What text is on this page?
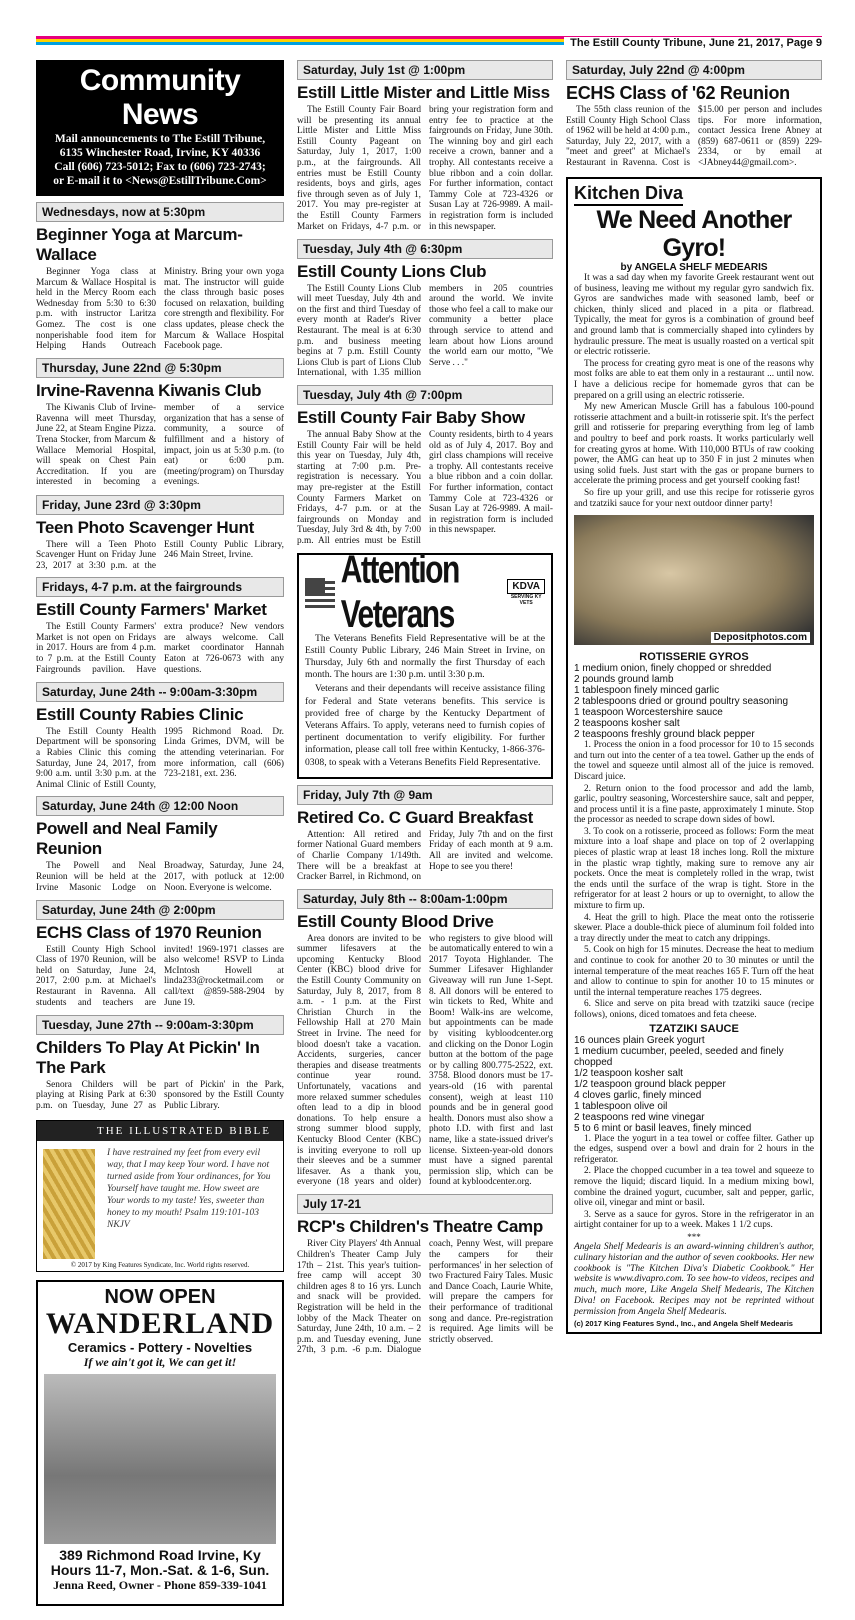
The Estill County Tribune, June 21, 2017, Page 9
Community News
Mail announcements to The Estill Tribune,
6135 Winchester Road, Irvine, KY 40336
Call (606) 723-5012; Fax to (606) 723-2743;
or E-mail it to <News@EstillTribune.Com>
Wednesdays, now at 5:30pm
Beginner Yoga at Marcum-Wallace

Beginner Yoga class at Marcum & Wallace Hospital is held in the Mercy Room each Wednesday from 5:30 to 6:30 p.m. with instructor Laritza Gomez. The cost is one nonperishable food item for Helping Hands Outreach Ministry. Bring your own yoga mat. The instructor will guide the class through basic poses focused on relaxation, building core strength and flexibility. For class updates, please check the Marcum & Wallace Hospital Facebook page.

Thursday, June 22nd @ 5:30pm
Irvine-Ravenna Kiwanis Club

The Kiwanis Club of Irvine-Ravenna will meet Thursday, June 22, at Steam Engine Pizza. Trena Stocker, from Marcum & Wallace Memorial Hospital, will speak on Chest Pain Accreditation. If you are interested in becoming a member of a service organization that has a sense of community, a source of fulfillment and a history of impact, join us at 5:30 p.m. (to eat) or 6:00 p.m. (meeting/program) on Thursday evenings.

Friday, June 23rd @ 3:30pm
Teen Photo Scavenger Hunt

There will a Teen Photo Scavenger Hunt on Friday June 23, 2017 at 3:30 p.m. at the Estill County Public Library, 246 Main Street, Irvine.

Fridays, 4-7 p.m. at the fairgrounds
Estill County Farmers' Market

The Estill County Farmers' Market is not open on Fridays in 2017. Hours are from 4 p.m. to 7 p.m. at the Estill County Fairgrounds pavilion. Have extra produce? New vendors are always welcome. Call market coordinator Hannah Eaton at 726-0673 with any questions.

Saturday, June 24th -- 9:00am-3:30pm
Estill County Rabies Clinic

The Estill County Health Department will be sponsoring a Rabies Clinic this coming Saturday, June 24, 2017, from 9:00 a.m. until 3:30 p.m. at the Animal Clinic of Estill County, 1995 Richmond Road. Dr. Linda Grimes, DVM, will be the attending veterinarian. For more information, call (606) 723-2181, ext. 236.

Saturday, June 24th @ 12:00 Noon
Powell and Neal Family Reunion

The Powell and Neal Reunion will be held at the Irvine Masonic Lodge on Broadway, Saturday, June 24, 2017, with potluck at 12:00 Noon. Everyone is welcome.

Saturday, June 24th @ 2:00pm
ECHS Class of 1970 Reunion

Estill County High School Class of 1970 Reunion, will be held on Saturday, June 24, 2017, 2:00 p.m. at Michael's Restaurant in Ravenna. All students and teachers are invited! 1969-1971 classes are also welcome! RSVP to Linda McIntosh Howell at linda233@rocketmail.com or call/text @859-588-2904 by June 19.

Tuesday, June 27th -- 9:00am-3:30pm
Childers To Play At Pickin' In The Park

Senora Childers will be playing at Rising Park at 6:30 p.m. on Tuesday, June 27 as part of Pickin' in the Park, sponsored by the Estill County Public Library.

THE ILLUSTRATED BIBLE
I have restrained my feet from every evil way, that I may keep Your word. I have not turned aside from Your ordinances, for You Yourself have taught me. How sweet are Your words to my taste! Yes, sweeter than honey to my mouth! Psalm 119:101-103 NKJV
© 2017 by King Features Syndicate, Inc. World rights reserved.
NOW OPEN
WANDERLAND
Ceramics - Pottery - Novelties
If we ain't got it, We can get it!
389 Richmond Road Irvine, Ky
Hours 11-7, Mon.-Sat. & 1-6, Sun.
Jenna Reed, Owner - Phone 859-339-1041
Saturday, July 1st @ 1:00pm
Estill Little Mister and Little Miss

The Estill County Fair Board will be presenting its annual Little Mister and Little Miss Estill County Pageant on Saturday, July 1, 2017, 1:00 p.m., at the fairgrounds. All entries must be Estill County residents, boys and girls, ages five through seven as of July 1, 2017. You may pre-register at the Estill County Farmers Market on Fridays, 4-7 p.m. or bring your registration form and entry fee to practice at the fairgrounds on Friday, June 30th. The winning boy and girl each receive a crown, banner and a trophy. All contestants receive a blue ribbon and a coin dollar. For further information, contact Tammy Cole at 723-4326 or Susan Lay at 726-9989. A mail-in registration form is included in this newspaper.

Tuesday, July 4th @ 6:30pm
Estill County Lions Club

The Estill County Lions Club will meet Tuesday, July 4th and on the first and third Tuesday of every month at Rader's River Restaurant. The meal is at 6:30 p.m. and business meeting begins at 7 p.m. Estill County Lions Club is part of Lions Club International, with 1.35 million members in 205 countries around the world. We invite those who feel a call to make our community a better place through service to attend and learn about how Lions around the world earn our motto, "We Serve . . ."

Tuesday, July 4th @ 7:00pm
Estill County Fair Baby Show

The annual Baby Show at the Estill County Fair will be held this year on Tuesday, July 4th, starting at 7:00 p.m. Pre-registration is necessary. You may pre-register at the Estill County Farmers Market on Fridays, 4-7 p.m. or at the fairgrounds on Monday and Tuesday, July 3rd & 4th, by 7:00 p.m. All entries must be Estill County residents, birth to 4 years old as of July 4, 2017. Boy and girl class champions will receive a trophy. All contestants receive a blue ribbon and a coin dollar. For further information, contact Tammy Cole at 723-4326 or Susan Lay at 726-9989. A mail-in registration form is included in this newspaper.

Attention Veterans
KDVA
SERVING KY VETS

The Veterans Benefits Field Representative will be at the Estill County Public Library, 246 Main Street in Irvine, on Thursday, July 6th and normally the first Thursday of each month. The hours are 1:30 p.m. until 3:30 p.m.

Veterans and their dependants will receive assistance filing for Federal and State veterans benefits. This service is provided free of charge by the Kentucky Department of Veterans Affairs. To apply, veterans need to furnish copies of pertinent documentation to verify eligibility. For further information, please call toll free within Kentucky, 1-866-376-0308, to speak with a Veterans Benefits Field Representative.

Friday, July 7th @ 9am
Retired Co. C Guard Breakfast

Attention: All retired and former National Guard members of Charlie Company 1/149th. There will be a breakfast at Cracker Barrel, in Richmond, on Friday, July 7th and on the first Friday of each month at 9 a.m. All are invited and welcome. Hope to see you there!

Saturday, July 8th -- 8:00am-1:00pm
Estill County Blood Drive

Area donors are invited to be summer lifesavers at the upcoming Kentucky Blood Center (KBC) blood drive for the Estill County Community on Saturday, July 8, 2017, from 8 a.m. - 1 p.m. at the First Christian Church in the Fellowship Hall at 270 Main Street in Irvine. The need for blood doesn't take a vacation. Accidents, surgeries, cancer therapies and disease treatments continue year round. Unfortunately, vacations and more relaxed summer schedules often lead to a dip in blood donations. To help ensure a strong summer blood supply, Kentucky Blood Center (KBC) is inviting everyone to roll up their sleeves and be a summer lifesaver. As a thank you, everyone (18 years and older) who registers to give blood will be automatically entered to win a 2017 Toyota Highlander. The Summer Lifesaver Highlander Giveaway will run June 1-Sept. 8. All donors will be entered to win tickets to Red, White and Boom! Walk-ins are welcome, but appointments can be made by visiting kybloodcenter.org and clicking on the Donor Login button at the bottom of the page or by calling 800.775-2522, ext. 3758. Blood donors must be 17-years-old (16 with parental consent), weigh at least 110 pounds and be in general good health. Donors must also show a photo I.D. with first and last name, like a state-issued driver's license. Sixteen-year-old donors must have a signed parental permission slip, which can be found at kybloodcenter.org.

July 17-21
RCP's Children's Theatre Camp

River City Players' 4th Annual Children's Theater Camp July 17th – 21st. This year's tuition-free camp will accept 30 children ages 8 to 16 yrs. Lunch and snack will be provided. Registration will be held in the lobby of the Mack Theater on Saturday, June 24th, 10 a.m. – 2 p.m. and Tuesday evening, June 27th, 3 p.m. -6 p.m. Dialogue coach, Penny West, will prepare the campers for their performances' in her selection of two Fractured Fairy Tales. Music and Dance Coach, Laurie White, will prepare the campers for their performance of traditional song and dance. Pre-registration is required. Age limits will be strictly observed.

Saturday, July 22nd @ 4:00pm
ECHS Class of '62 Reunion

The 55th class reunion of the Estill County High School Class of 1962 will be held at 4:00 p.m., Saturday, July 22, 2017, with a "meet and greet" at Michael's Restaurant in Ravenna. Cost is $15.00 per person and includes tips. For more information, contact Jessica Irene Abney at (859) 687-0611 or (859) 229-2334, or by email at <JAbney44@gmail.com>.

Kitchen Diva
We Need Another Gyro!
by ANGELA SHELF MEDEARIS

It was a sad day when my favorite Greek restaurant went out of business, leaving me without my regular gyro sandwich fix. Gyros are sandwiches made with seasoned lamb, beef or chicken, thinly sliced and placed in a pita or flatbread. Typically, the meat for gyros is a combination of ground beef and ground lamb that is commercially shaped into cylinders by hydraulic pressure. The meat is usually roasted on a vertical spit or electric rotisserie.

The process for creating gyro meat is one of the reasons why most folks are able to eat them only in a restaurant ... until now. I have a delicious recipe for homemade gyros that can be prepared on a grill using an electric rotisserie.

My new American Muscle Grill has a fabulous 100-pound rotisserie attachment and a built-in rotisserie spit. It's the perfect grill and rotisserie for preparing everything from leg of lamb and poultry to beef and pork roasts. It works particularly well for creating gyros at home. With 110,000 BTUs of raw cooking power, the AMG can heat up to 350 F in just 2 minutes when using solid fuels. Just start with the gas or propane burners to accelerate the priming process and get yourself cooking fast!

So fire up your grill, and use this recipe for rotisserie gyros and tzatziki sauce for your next outdoor dinner party!

Depositphotos.com
ROTISSERIE GYROS
1 medium onion, finely chopped or shredded
2 pounds ground lamb
1 tablespoon finely minced garlic
2 tablespoons dried or ground poultry seasoning
1 teaspoon Worcestershire sauce
2 teaspoons kosher salt
2 teaspoons freshly ground black pepper

1. Process the onion in a food processor for 10 to 15 seconds and turn out into the center of a tea towel. Gather up the ends of the towel and squeeze until almost all of the juice is removed. Discard juice.

2. Return onion to the food processor and add the lamb, garlic, poultry seasoning, Worcestershire sauce, salt and pepper, and process until it is a fine paste, approximately 1 minute. Stop the processor as needed to scrape down sides of bowl.

3. To cook on a rotisserie, proceed as follows: Form the meat mixture into a loaf shape and place on top of 2 overlapping pieces of plastic wrap at least 18 inches long. Roll the mixture in the plastic wrap tightly, making sure to remove any air pockets. Once the meat is completely rolled in the wrap, twist the ends until the surface of the wrap is tight. Store in the refrigerator for at least 2 hours or up to overnight, to allow the mixture to firm up.

4. Heat the grill to high. Place the meat onto the rotisserie skewer. Place a double-thick piece of aluminum foil folded into a tray directly under the meat to catch any drippings.

5. Cook on high for 15 minutes. Decrease the heat to medium and continue to cook for another 20 to 30 minutes or until the internal temperature of the meat reaches 165 F. Turn off the heat and allow to continue to spin for another 10 to 15 minutes or until the internal temperature reaches 175 degrees.

6. Slice and serve on pita bread with tzatziki sauce (recipe follows), onions, diced tomatoes and feta cheese.

TZATZIKI SAUCE
16 ounces plain Greek yogurt
1 medium cucumber, peeled, seeded and finely chopped
1/2 teaspoon kosher salt
1/2 teaspoon ground black pepper
4 cloves garlic, finely minced
1 tablespoon olive oil
2 teaspoons red wine vinegar
5 to 6 mint or basil leaves, finely minced

1. Place the yogurt in a tea towel or coffee filter. Gather up the edges, suspend over a bowl and drain for 2 hours in the refrigerator.

2. Place the chopped cucumber in a tea towel and squeeze to remove the liquid; discard liquid. In a medium mixing bowl, combine the drained yogurt, cucumber, salt and pepper, garlic, olive oil, vinegar and mint or basil.

3. Serve as a sauce for gyros. Store in the refrigerator in an airtight container for up to a week. Makes 1 1/2 cups.

***
Angela Shelf Medearis is an award-winning children's author, culinary historian and the author of seven cookbooks. Her new cookbook is "The Kitchen Diva's Diabetic Cookbook." Her website is www.divapro.com. To see how-to videos, recipes and much, much more, Like Angela Shelf Medearis, The Kitchen Diva! on Facebook. Recipes may not be reprinted without permission from Angela Shelf Medearis.
(c) 2017 King Features Synd., Inc., and Angela Shelf Medearis
